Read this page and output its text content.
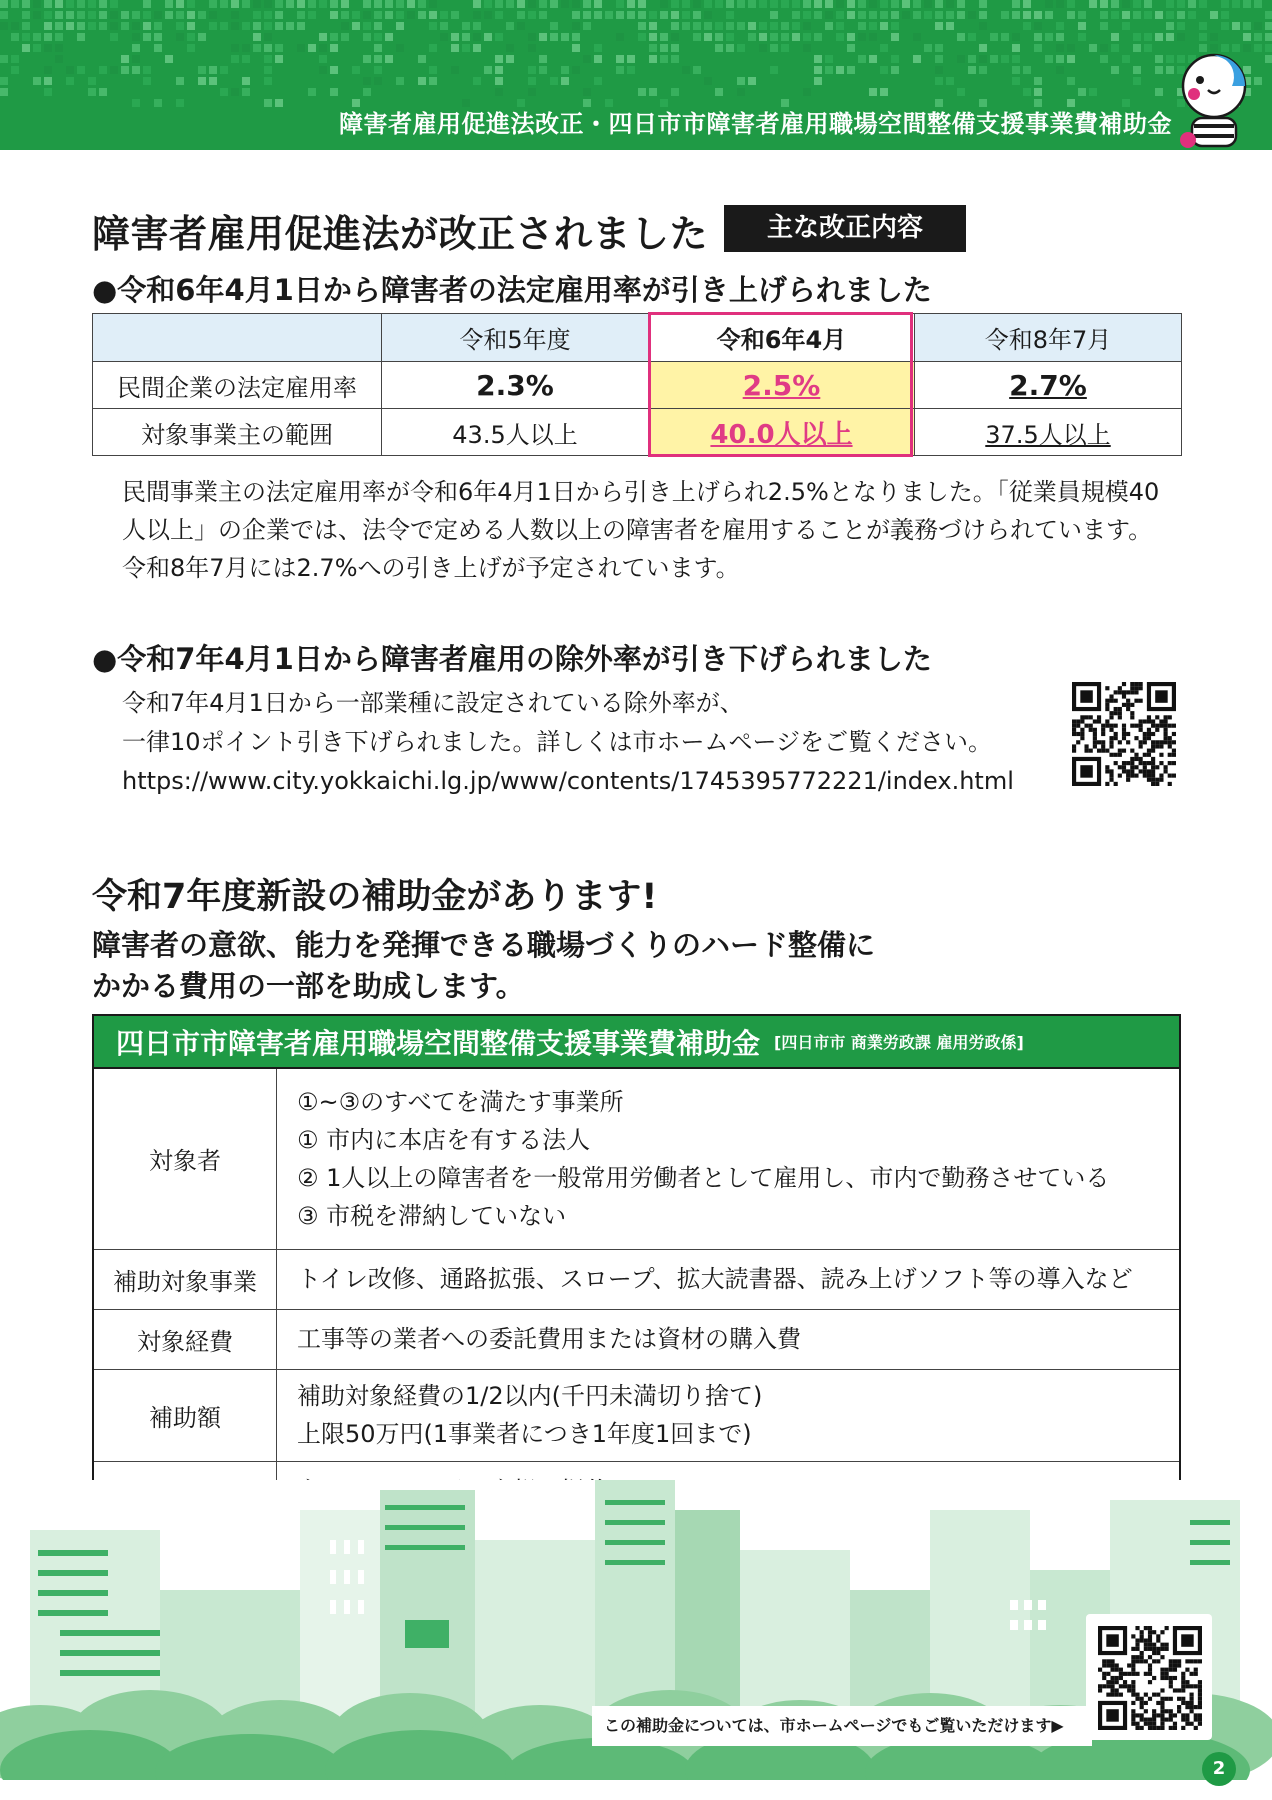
障害者雇用促進法改正・四日市市障害者雇用職場空間整備支援事業費補助金
障害者雇用促進法が改正されました	主な改正内容
●令和6年4月1日から障害者の法定雇用率が引き上げられました
	令和5年度	令和6年4月	令和8年7月
民間企業の法定雇用率	2.3%	2.5%	2.7%
対象事業主の範囲	43.5人以上	40.0人以上	37.5人以上
民間事業主の法定雇用率が令和6年4月1日から引き上げられ2.5%となりました。「従業員規模40人以上」の企業では、法令で定める人数以上の障害者を雇用することが義務づけられています。令和8年7月には2.7%への引き上げが予定されています。
●令和7年4月1日から障害者雇用の除外率が引き下げられました
令和7年4月1日から一部業種に設定されている除外率が、
一律10ポイント引き下げられました。詳しくは市ホームページをご覧ください。
https://www.city.yokkaichi.lg.jp/www/contents/1745395772221/index.html
令和7年度新設の補助金があります!
障害者の意欲、能力を発揮できる職場づくりのハード整備に
かかる費用の一部を助成します。
四日市市障害者雇用職場空間整備支援事業費補助金 [四日市市 商業労政課 雇用労政係]
対象者	①~③のすべてを満たす事業所
① 市内に本店を有する法人
② 1人以上の障害者を一般常用労働者として雇用し、市内で勤務させている
③ 市税を滞納していない

補助対象事業	トイレ改修、通路拡張、スロープ、拡大読書器、読み上げソフト等の導入など
対象経費	工事等の業者への委託費用または資材の購入費
補助額	補助対象経費の1/2以内(千円未満切り捨て)
上限50万円(1事業者につき1年度1回まで)

この補助金については、市ホームページでもご覧いただけます▶
2
